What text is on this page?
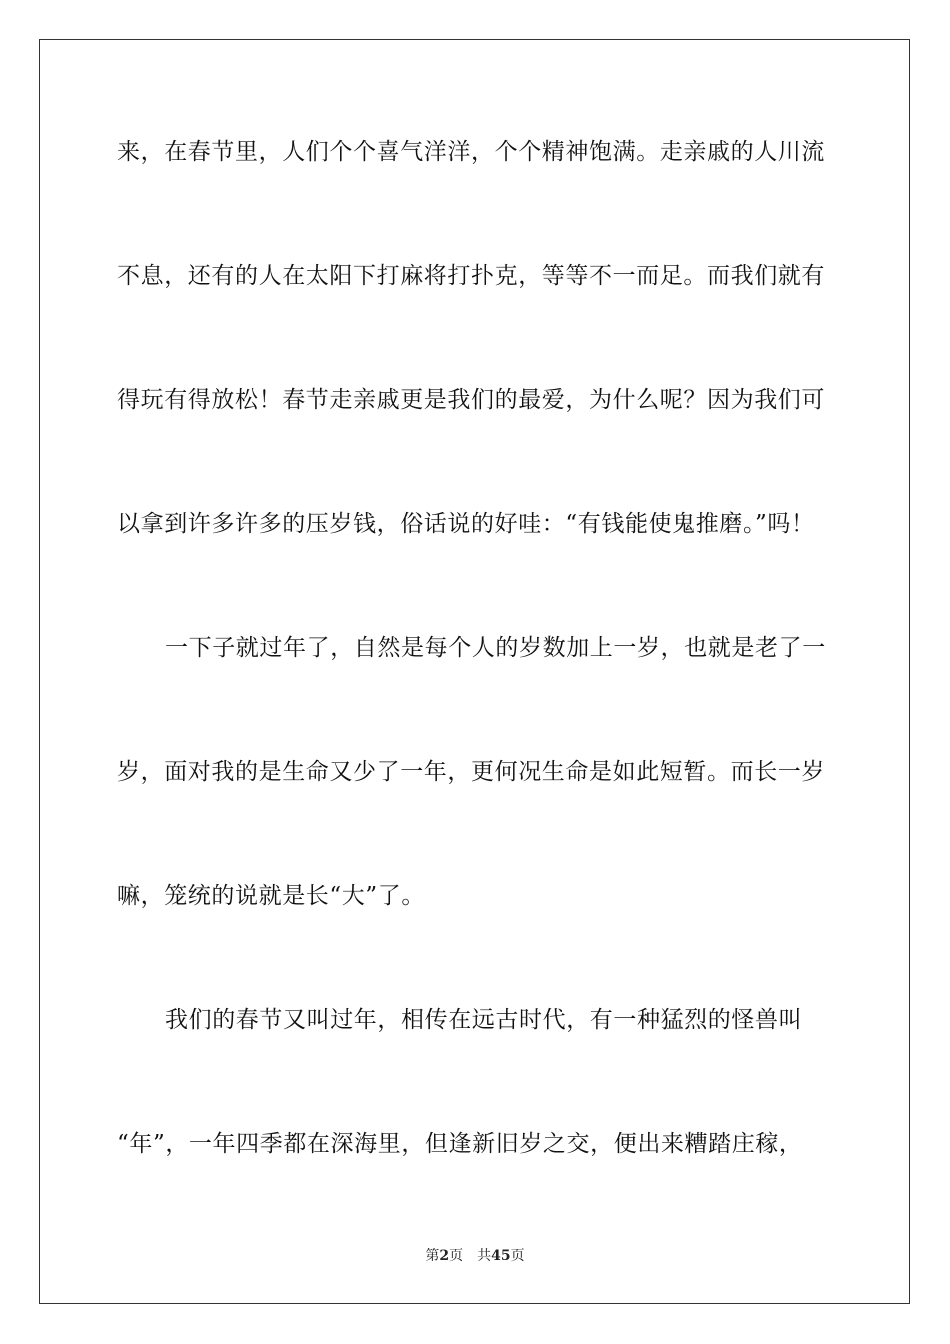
来，在春节里，人们个个喜气洋洋，个个精神饱满。走亲戚的人川流
不息，还有的人在太阳下打麻将打扑克，等等不一而足。而我们就有
得玩有得放松！春节走亲戚更是我们的最爱，为什么呢？因为我们可
以拿到许多许多的压岁钱，俗话说的好哇：“有钱能使鬼推磨。”吗！
一下子就过年了，自然是每个人的岁数加上一岁，也就是老了一
岁，面对我的是生命又少了一年，更何况生命是如此短暂。而长一岁
嘛，笼统的说就是长“大”了。
我们的春节又叫过年，相传在远古时代，有一种猛烈的怪兽叫
“年”，一年四季都在深海里，但逢新旧岁之交，便出来糟踏庄稼，
第2页 共45页
